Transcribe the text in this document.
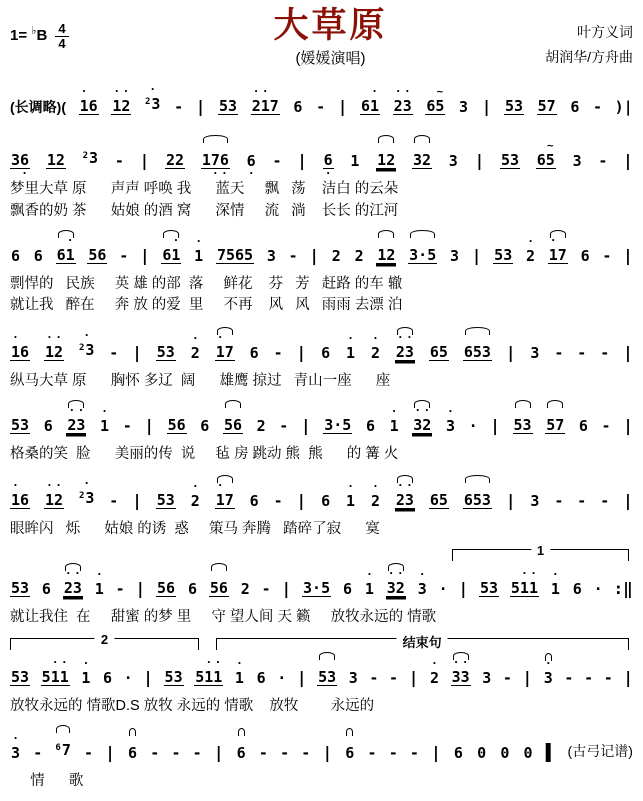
$1= ^♭B \frac{4}{4}$	大草原
(媛媛演唱)
叶方义词
胡润华/方舟曲
(长调略)(
·
16

··
12

·
$^2$3
- |
53

··
217

6
- |
·
61

··
23

~
65

3
|
53

57

6
- )|

36
·

12

$^2$3
- |
22

176
··

6
·
- |
6
·

1

12

32

3
|
53

~
65

3
- |
梦里大草 原      声声 呼唤 我      蓝天     飘   荡    洁白 的云朵
飘香的奶 茶      姑娘 的酒 窝      深情     流   淌    长长 的江河

6

6

·
61

56
- |
·
61

·
1

7565

3
- |
2

2

12

3·5

3
|
53

·
2

·
17

6
- |
剽悍的   民族     英 雄 的部  落     鲜花    芬   芳   赶路 的车 辙
就让我   醉在     奔 放 的爱  里     不再    风   风   雨雨 去漂 泊
·
16

··
12

·
$^2$3
- |
53

·
2

·
17

6
- |
6

·
1

·
2

··
23

65

653
|
3
- - - |
纵马大草 原      胸怀 多辽  阔      雄鹰 掠过   青山一座      座

53

6

··
23

·
1
- |
56

6

56

2
- |
3·5

6

·
1

··
32

·
3
· |
53

57

6
- |
格桑的笑  脸      美丽的传  说     毡 房 跳动 熊  熊      的 篝 火
·
16

··
12

·
$^2$3
- |
53

·
2

·
17

6
- |
6

·
1

·
2

··
23

65

653
|
3
- - - |
眼眸闪   烁      姑娘 的诱  惑     策马 奔腾   踏碎了寂      寞
1

53

6

··
23

·
1
- |
56

6

56

2
- |
3·5

6

·
1

··
32

·
3
· |
53

··
511

·
1

6
· :‖
就让我住  在     甜蜜 的梦 里     守 望人间 天 籁     放牧永远的 情歌
2	结束句

53

··
511

·
1

6
· |
53

··
511

·
1

6
· |
53

3
- - |
·
2

··
33

3
- |
·
3
- - - |
放牧永远的 情歌D.S 放牧 永远的 情歌    放牧        永远的
·
3
-
$^6$7
- |
6
- - - |
6
- - - |
6
- - - |
6

0

0

0
▌ (古弓记谱)
情      歌
